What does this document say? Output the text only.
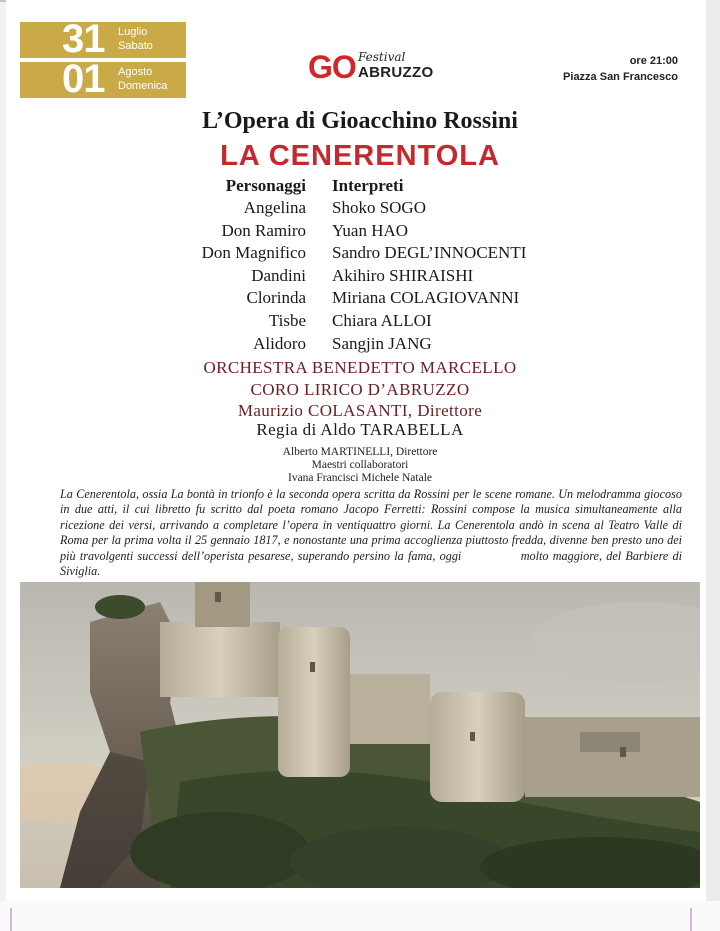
31 Luglio
Sabato
01 Agosto
Domenica
GO Festival
ABRUZZO
ore 21:00
Piazza San Francesco
L’Opera di Gioacchino Rossini
LA CENERENTOLA
Personaggi Interpreti
Angelina Shoko SOGO
Don Ramiro Yuan HAO
Don Magnifico Sandro DEGL’INNOCENTI
Dandini Akihiro SHIRAISHI
Clorinda Miriana COLAGIOVANNI
Tisbe Chiara ALLOI
Alidoro Sangjin JANG
ORCHESTRA BENEDETTO MARCELLO
CORO LIRICO D’ABRUZZO
Maurizio COLASANTI, Direttore
Regia di Aldo TARABELLA
Alberto MARTINELLI, Direttore
Maestri collaboratori
Ivana Francisci Michele Natale
La Cenerentola, ossia La bontà in trionfo è la seconda opera scritta da Rossini per le scene romane. Un melodramma giocoso in due atti, il cui libretto fu scritto dal poeta romano Jacopo Ferretti: Rossini compose la musica simultaneamente alla ricezione dei versi, arrivando a completare l’opera in ventiquattro giorni. La Cenerentola andò in scena al Teatro Valle di Roma per la prima volta il 25 gennaio 1817, e nonostante una prima accoglienza piuttosto fredda, divenne ben presto uno dei più travolgenti successi dell’operista pesarese, superando persino la fama, oggi              molto maggiore, del Barbiere di Siviglia.
